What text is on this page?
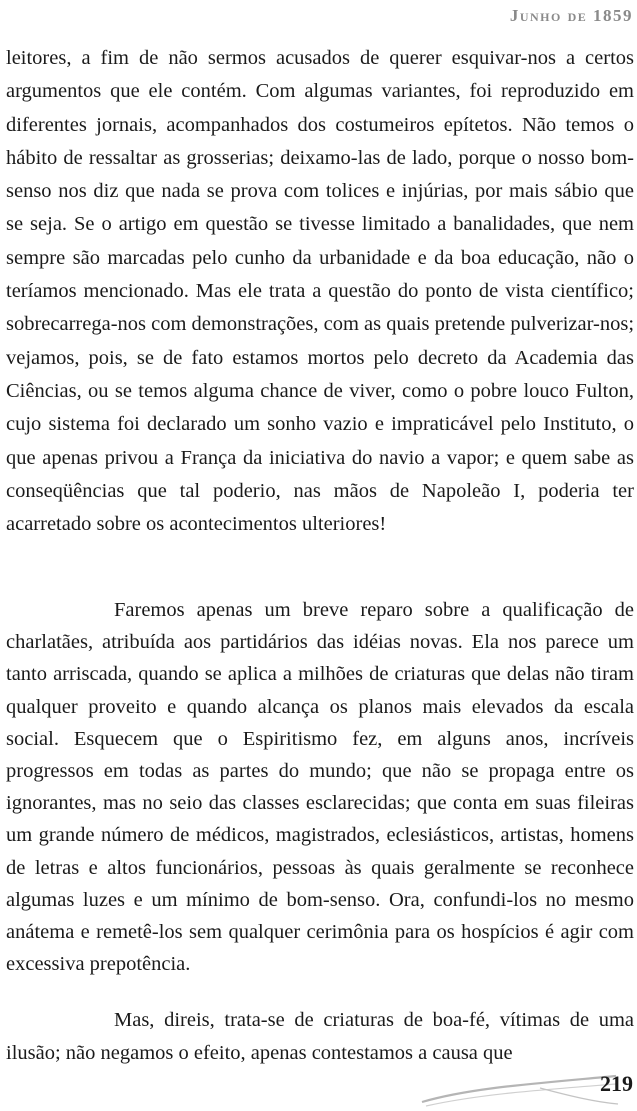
Junho de 1859

leitores, a fim de não sermos acusados de querer esquivar-nos a certos argumentos que ele contém. Com algumas variantes, foi reproduzido em diferentes jornais, acompanhados dos costumeiros epítetos. Não temos o hábito de ressaltar as grosserias; deixamo-las de lado, porque o nosso bom-senso nos diz que nada se prova com tolices e injúrias, por mais sábio que se seja. Se o artigo em questão se tivesse limitado a banalidades, que nem sempre são marcadas pelo cunho da urbanidade e da boa educação, não o teríamos mencionado. Mas ele trata a questão do ponto de vista científico; sobrecarrega-nos com demonstrações, com as quais pretende pulverizar-nos; vejamos, pois, se de fato estamos mortos pelo decreto da Academia das Ciências, ou se temos alguma chance de viver, como o pobre louco Fulton, cujo sistema foi declarado um sonho vazio e impraticável pelo Instituto, o que apenas privou a França da iniciativa do navio a vapor; e quem sabe as conseqüências que tal poderio, nas mãos de Napoleão I, poderia ter acarretado sobre os acontecimentos ulteriores!

Faremos apenas um breve reparo sobre a qualificação de charlatães, atribuída aos partidários das idéias novas. Ela nos parece um tanto arriscada, quando se aplica a milhões de criaturas que delas não tiram qualquer proveito e quando alcança os planos mais elevados da escala social. Esquecem que o Espiritismo fez, em alguns anos, incríveis progressos em todas as partes do mundo; que não se propaga entre os ignorantes, mas no seio das classes esclarecidas; que conta em suas fileiras um grande número de médicos, magistrados, eclesiásticos, artistas, homens de letras e altos funcionários, pessoas às quais geralmente se reconhece algumas luzes e um mínimo de bom-senso. Ora, confundi-los no mesmo anátema e remetê-los sem qualquer cerimônia para os hospícios é agir com excessiva prepotência.

Mas, direis, trata-se de criaturas de boa-fé, vítimas de uma ilusão; não negamos o efeito, apenas contestamos a causa que

219
